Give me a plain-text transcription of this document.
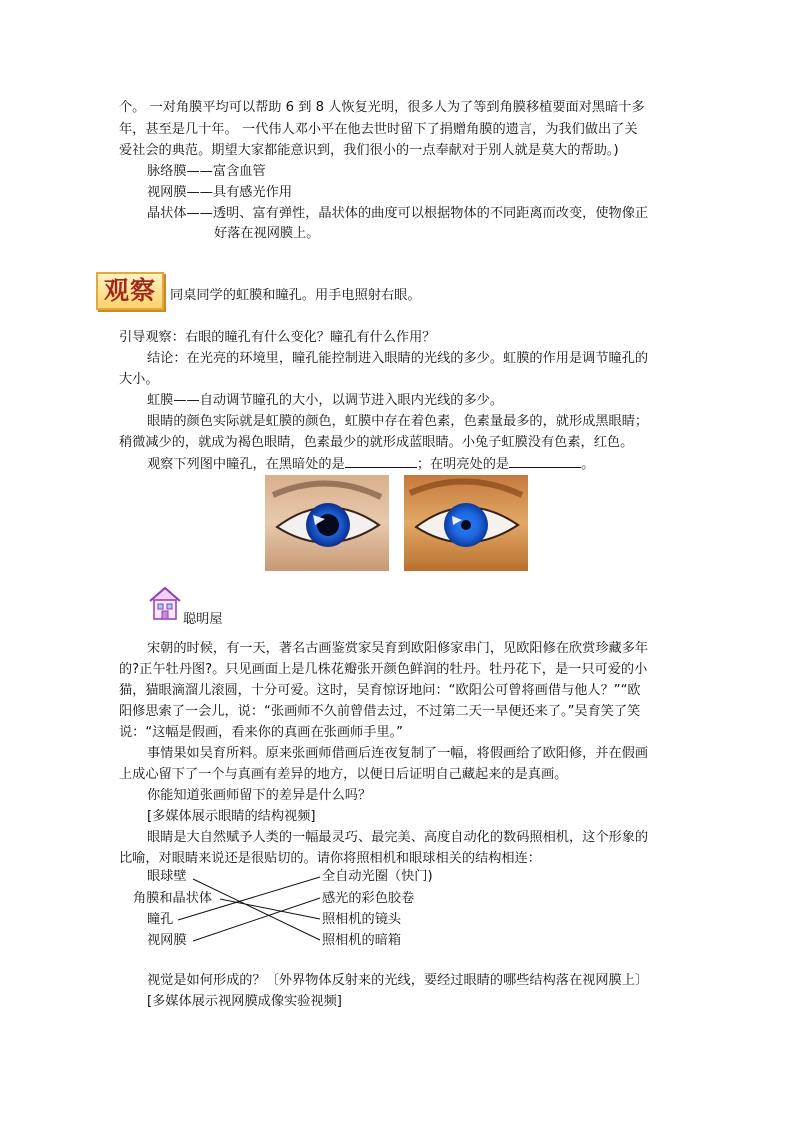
个。 一对角膜平均可以帮助 6 到 8 人恢复光明，很多人为了等到角膜移植要面对黑暗十多
年，甚至是几十年。 一代伟人邓小平在他去世时留下了捐赠角膜的遗言，为我们做出了关
爱社会的典范。期望大家都能意识到，我们很小的一点奉献对于别人就是莫大的帮助。)
脉络膜——富含血管
视网膜——具有感光作用
晶状体——透明、富有弹性，晶状体的曲度可以根据物体的不同距离而改变，使物像正
好落在视网膜上。
观察	同桌同学的虹膜和瞳孔。用手电照射右眼。
引导观察：右眼的瞳孔有什么变化？瞳孔有什么作用？
结论：在光亮的环境里，瞳孔能控制进入眼睛的光线的多少。虹膜的作用是调节瞳孔的
大小。
虹膜——自动调节瞳孔的大小，以调节进入眼内光线的多少。
眼睛的颜色实际就是虹膜的颜色，虹膜中存在着色素，色素量最多的，就形成黑眼睛；
稍微减少的，就成为褐色眼睛，色素最少的就形成蓝眼睛。小兔子虹膜没有色素，红色。
观察下列图中瞳孔，在黑暗处的是	；在明亮处的是	。
聪明屋
宋朝的时候，有一天，著名古画鉴赏家吴育到欧阳修家串门，见欧阳修在欣赏珍藏多年
的?正午牡丹图?。只见画面上是几株花瓣张开颜色鲜润的牡丹。牡丹花下，是一只可爱的小
猫，猫眼滴溜儿滚圆，十分可爱。这时，吴育惊讶地问：“欧阳公可曾将画借与他人？”“欧
阳修思索了一会儿，说：“张画师不久前曾借去过，不过第二天一早便还来了。”吴育笑了笑
说：“这幅是假画，看来你的真画在张画师手里。”
事情果如吴育所料。原来张画师借画后连夜复制了一幅，将假画给了欧阳修，并在假画
上成心留下了一个与真画有差异的地方，以便日后证明自己藏起来的是真画。
你能知道张画师留下的差异是什么吗？
[多媒体展示眼睛的结构视频]
眼睛是大自然赋予人类的一幅最灵巧、最完美、高度自动化的数码照相机，这个形象的
比喻，对眼睛来说还是很贴切的。请你将照相机和眼球相关的结构相连：
眼球壁
角膜和晶状体
瞳孔
视网膜
全自动光圈（快门)
感光的彩色胶卷
照相机的镜头
照相机的暗箱
视觉是如何形成的？〔外界物体反射来的光线，要经过眼睛的哪些结构落在视网膜上〕
[多媒体展示视网膜成像实验视频]
